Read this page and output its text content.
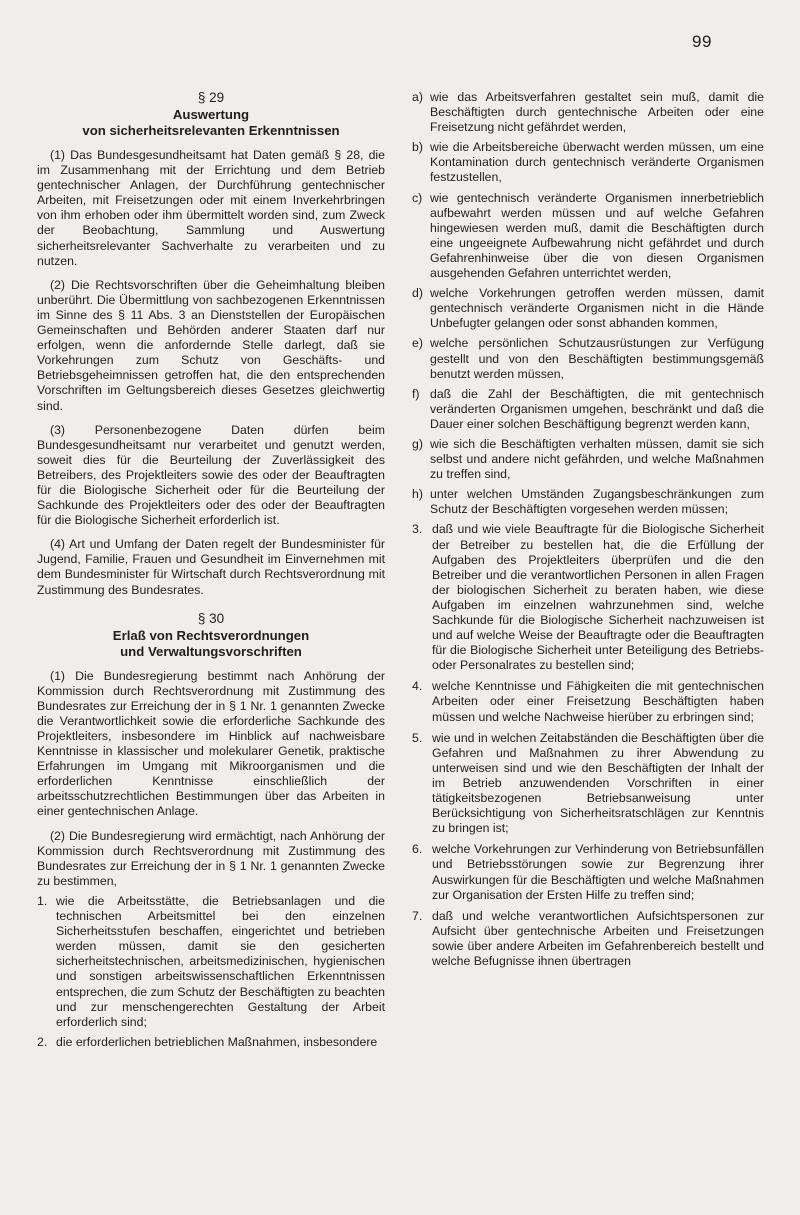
99

§ 29

Auswertung

von sicherheitsrelevanten Erkenntnissen

(1) Das Bundesgesundheitsamt hat Daten gemäß § 28, die im Zusammenhang mit der Errichtung und dem Betrieb gentechnischer Anlagen, der Durchführung gentechnischer Arbeiten, mit Freisetzungen oder mit einem Inverkehrbringen von ihm erhoben oder ihm übermittelt worden sind, zum Zweck der Beobachtung, Sammlung und Auswertung sicherheitsrelevanter Sachverhalte zu verarbeiten und zu nutzen.

(2) Die Rechtsvorschriften über die Geheimhaltung bleiben unberührt. Die Übermittlung von sachbezogenen Erkenntnissen im Sinne des § 11 Abs. 3 an Dienststellen der Europäischen Gemeinschaften und Behörden anderer Staaten darf nur erfolgen, wenn die anfordernde Stelle darlegt, daß sie Vorkehrungen zum Schutz von Geschäfts- und Betriebsgeheimnissen getroffen hat, die den entsprechenden Vorschriften im Geltungsbereich dieses Gesetzes gleichwertig sind.

(3) Personenbezogene Daten dürfen beim Bundesgesundheitsamt nur verarbeitet und genutzt werden, soweit dies für die Beurteilung der Zuverlässigkeit des Betreibers, des Projektleiters sowie des oder der Beauftragten für die Biologische Sicherheit oder für die Beurteilung der Sachkunde des Projektleiters oder des oder der Beauftragten für die Biologische Sicherheit erforderlich ist.

(4) Art und Umfang der Daten regelt der Bundesminister für Jugend, Familie, Frauen und Gesundheit im Einvernehmen mit dem Bundesminister für Wirtschaft durch Rechtsverordnung mit Zustimmung des Bundesrates.

§ 30

Erlaß von Rechtsverordnungen

und Verwaltungsvorschriften

(1) Die Bundesregierung bestimmt nach Anhörung der Kommission durch Rechtsverordnung mit Zustimmung des Bundesrates zur Erreichung der in § 1 Nr. 1 genannten Zwecke die Verantwortlichkeit sowie die erforderliche Sachkunde des Projektleiters, insbesondere im Hinblick auf nachweisbare Kenntnisse in klassischer und molekularer Genetik, praktische Erfahrungen im Umgang mit Mikroorganismen und die erforderlichen Kenntnisse einschließlich der arbeitsschutzrechtlichen Bestimmungen über das Arbeiten in einer gentechnischen Anlage.

(2) Die Bundesregierung wird ermächtigt, nach Anhörung der Kommission durch Rechtsverordnung mit Zustimmung des Bundesrates zur Erreichung der in § 1 Nr. 1 genannten Zwecke zu bestimmen,

1. wie die Arbeitsstätte, die Betriebsanlagen und die technischen Arbeitsmittel bei den einzelnen Sicherheitsstufen beschaffen, eingerichtet und betrieben werden müssen, damit sie den gesicherten sicherheitstechnischen, arbeitsmedizinischen, hygienischen und sonstigen arbeitswissenschaftlichen Erkenntnissen entsprechen, die zum Schutz der Beschäftigten zu beachten und zur menschengerechten Gestaltung der Arbeit erforderlich sind;
2. die erforderlichen betrieblichen Maßnahmen, insbesondere
a) wie das Arbeitsverfahren gestaltet sein muß, damit die Beschäftigten durch gentechnische Arbeiten oder eine Freisetzung nicht gefährdet werden,
b) wie die Arbeitsbereiche überwacht werden müssen, um eine Kontamination durch gentechnisch veränderte Organismen festzustellen,
c) wie gentechnisch veränderte Organismen innerbetrieblich aufbewahrt werden müssen und auf welche Gefahren hingewiesen werden muß, damit die Beschäftigten durch eine ungeeignete Aufbewahrung nicht gefährdet und durch Gefahrenhinweise über die von diesen Organismen ausgehenden Gefahren unterrichtet werden,
d) welche Vorkehrungen getroffen werden müssen, damit gentechnisch veränderte Organismen nicht in die Hände Unbefugter gelangen oder sonst abhanden kommen,
e) welche persönlichen Schutzausrüstungen zur Verfügung gestellt und von den Beschäftigten bestimmungsgemäß benutzt werden müssen,
f) daß die Zahl der Beschäftigten, die mit gentechnisch veränderten Organismen umgehen, beschränkt und daß die Dauer einer solchen Beschäftigung begrenzt werden kann,
g) wie sich die Beschäftigten verhalten müssen, damit sie sich selbst und andere nicht gefährden, und welche Maßnahmen zu treffen sind,
h) unter welchen Umständen Zugangsbeschränkungen zum Schutz der Beschäftigten vorgesehen werden müssen;
3. daß und wie viele Beauftragte für die Biologische Sicherheit der Betreiber zu bestellen hat, die die Erfüllung der Aufgaben des Projektleiters überprüfen und die den Betreiber und die verantwortlichen Personen in allen Fragen der biologischen Sicherheit zu beraten haben, wie diese Aufgaben im einzelnen wahrzunehmen sind, welche Sachkunde für die Biologische Sicherheit nachzuweisen ist und auf welche Weise der Beauftragte oder die Beauftragten für die Biologische Sicherheit unter Beteiligung des Betriebs- oder Personalrates zu bestellen sind;
4. welche Kenntnisse und Fähigkeiten die mit gentechnischen Arbeiten oder einer Freisetzung Beschäftigten haben müssen und welche Nachweise hierüber zu erbringen sind;
5. wie und in welchen Zeitabständen die Beschäftigten über die Gefahren und Maßnahmen zu ihrer Abwendung zu unterweisen sind und wie den Beschäftigten der Inhalt der im Betrieb anzuwendenden Vorschriften in einer tätigkeitsbezogenen Betriebsanweisung unter Berücksichtigung von Sicherheitsratschlägen zur Kenntnis zu bringen ist;
6. welche Vorkehrungen zur Verhinderung von Betriebsunfällen und Betriebsstörungen sowie zur Begrenzung ihrer Auswirkungen für die Beschäftigten und welche Maßnahmen zur Organisation der Ersten Hilfe zu treffen sind;
7. daß und welche verantwortlichen Aufsichtspersonen zur Aufsicht über gentechnische Arbeiten und Freisetzungen sowie über andere Arbeiten im Gefahrenbereich bestellt und welche Befugnisse ihnen übertragen
